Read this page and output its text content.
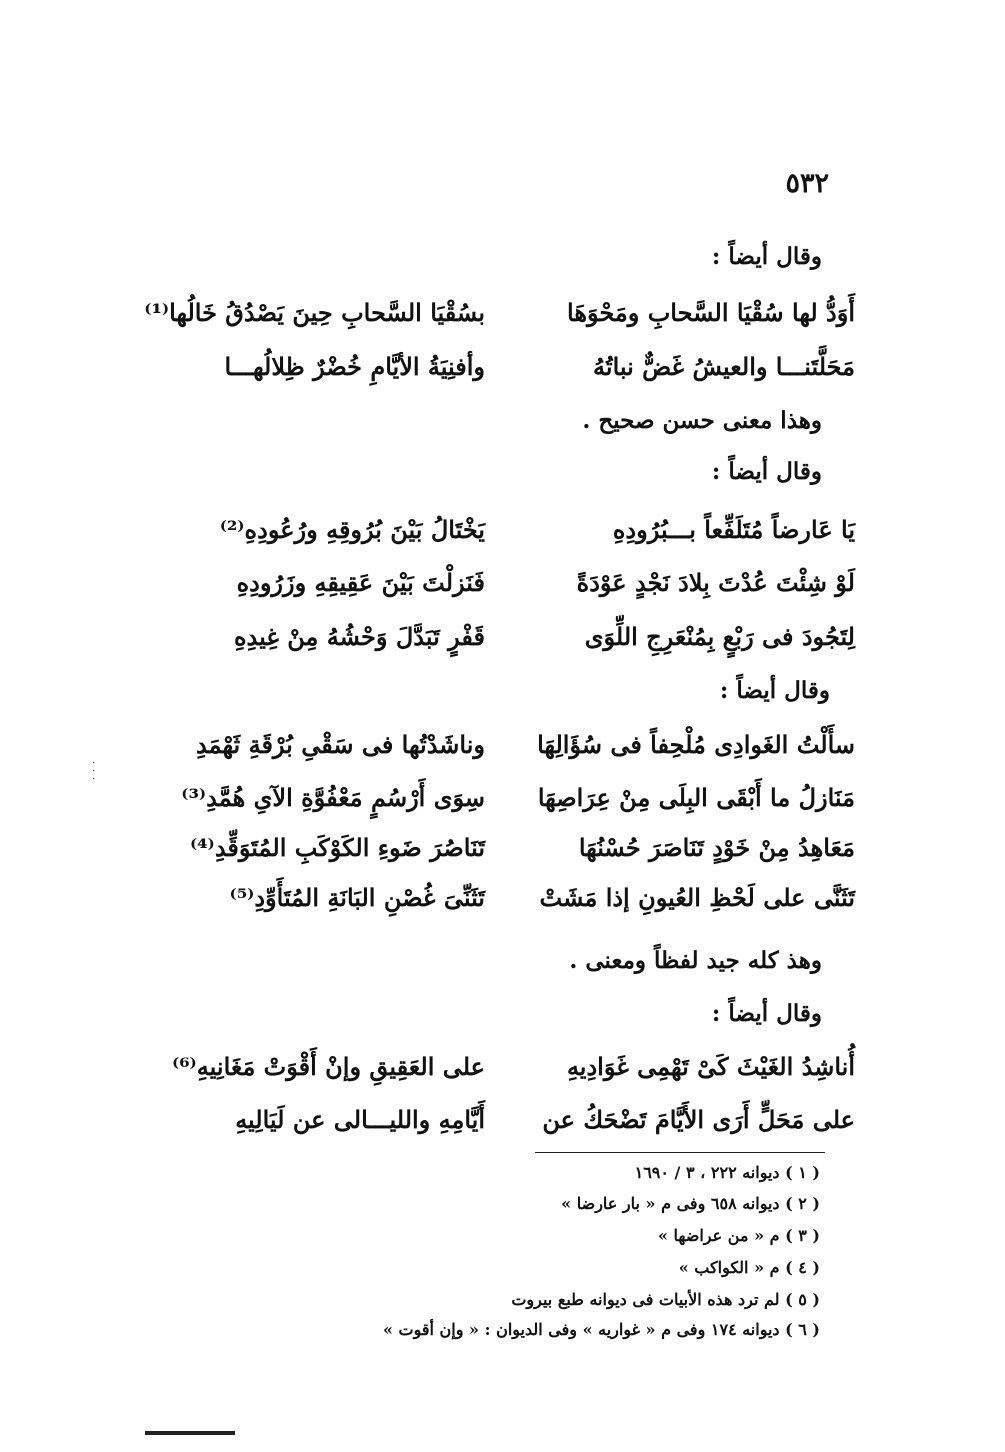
٥٣٢
وقال أيضاً :
أَوَدُّ لها سُقْيَا السَّحابِ ومَحْوَهَا
بسُقْيَا السَّحابِ حِينَ يَصْدُقُ خَالُها⁽¹⁾
مَحَلَّتَنـــا والعيشُ غَضٌّ نباتُهُ
وأفنِيَةُ الأيَّامِ خُضْرٌ ظِلالُهـــا
وهذا معنى حسن صحيح .
وقال أيضاً :
يَا عَارضاً مُتَلَفِّعاً بـــبُرُودِهِ
يَخْتَالُ بَيْنَ بُرُوقِهِ ورُعُودِهِ⁽²⁾
لَوْ شِئْتَ عُدْتَ بِلادَ نَجْدٍ عَوْدَةً
فَنَزلْتَ بَيْنَ عَقِيقِهِ وزَرُودِهِ
لِتَجُودَ فى رَبْعٍ بِمُنْعَرِجِ اللِّوَى
قَفْرٍ تَبَدَّلَ وَحْشُهُ مِنْ غِيدِهِ
وقال أيضاً :
سأَلْتُ الغَوادِى مُلْحِفاً فى سُؤَالِهَا
وناشَدْتُها فى سَقْىِ بُرْقَةِ ثَهْمَدِ
مَنَازلُ ما أَبْقَى البِلَى مِنْ عِرَاصِهَا
سِوَى أَرْسُمٍ مَعْفُوَّةِ الآىِ هُمَّدِ⁽³⁾
مَعَاهِدُ مِنْ خَوْدٍ تَنَاصَرَ حُسْنُهَا
تَنَاصُرَ ضَوءِ الكَوْكَبِ المُتَوَقِّدِ⁽⁴⁾
تَثَنَّى على لَحْظِ العُيونِ إذا مَشَتْ
تَثَنِّىَ غُصْنِ البَانَةِ المُتَأَوِّدِ⁽⁵⁾
وهذ كله جيد لفظاً ومعنى .
وقال أيضاً :
أُناشِدُ الغَيْثَ كَىْ تَهْمِى غَوَادِيهِ
على العَقِيقِ وإنْ أَقْوَتْ مَغَانِيهِ⁽⁶⁾
على مَحَلٍّ أَرَى الأَيَّامَ تَضْحَكُ عن
أَيَّامِهِ والليـــالى عن لَيَالِيهِ
( ١ ) ديوانه ٢٢٢ ، ٣ / ١٦٩٠
( ٢ ) ديوانه ٦٥٨ وفى م « بار عارضا »
( ٣ ) م « من عراضها »
( ٤ ) م « الكواكب »
( ٥ ) لم ترد هذه الأبيات فى ديوانه طبع بيروت
( ٦ ) ديوانه ١٧٤ وفى م « غواريه » وفى الديوان : « وإن أقوت »
·
·
·
